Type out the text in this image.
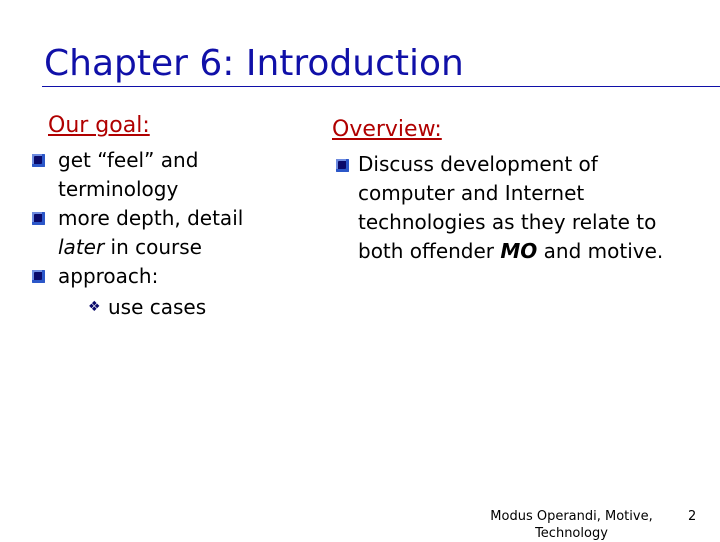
Chapter 6: Introduction
Our goal:
get “feel” and
terminology
more depth, detail
later in course
approach:
❖ use cases
Overview:
Discuss development of
computer and Internet
technologies as they relate to
both offender MO and motive.
Modus Operandi, Motive,
Technology
2
